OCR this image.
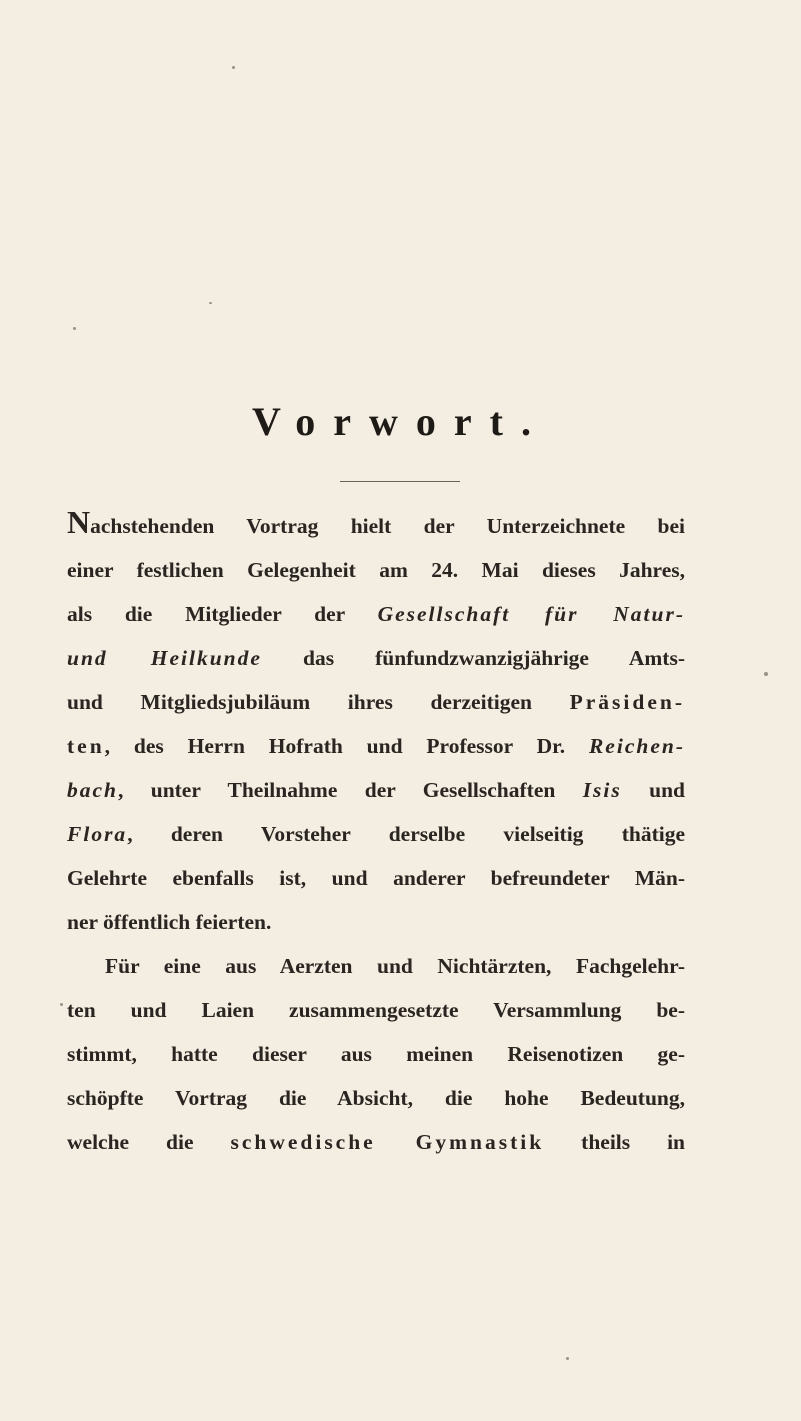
Vorwort.
Nachstehenden Vortrag hielt der Unterzeichnete bei
einer festlichen Gelegenheit am 24. Mai dieses Jahres,
als die Mitglieder der Gesellschaft für Natur-
und Heilkunde das fünfundzwanzigjährige Amts-
und Mitgliedsjubiläum ihres derzeitigen Präsiden-
ten, des Herrn Hofrath und Professor Dr. Reichen-
bach, unter Theilnahme der Gesellschaften Isis und
Flora, deren Vorsteher derselbe vielseitig thätige
Gelehrte ebenfalls ist, und anderer befreundeter Män-
ner öffentlich feierten.
Für eine aus Aerzten und Nichtärzten, Fachgelehr-
ten und Laien zusammengesetzte Versammlung be-
stimmt, hatte dieser aus meinen Reisenotizen ge-
schöpfte Vortrag die Absicht, die hohe Bedeutung,
welche die schwedische Gymnastik theils in
